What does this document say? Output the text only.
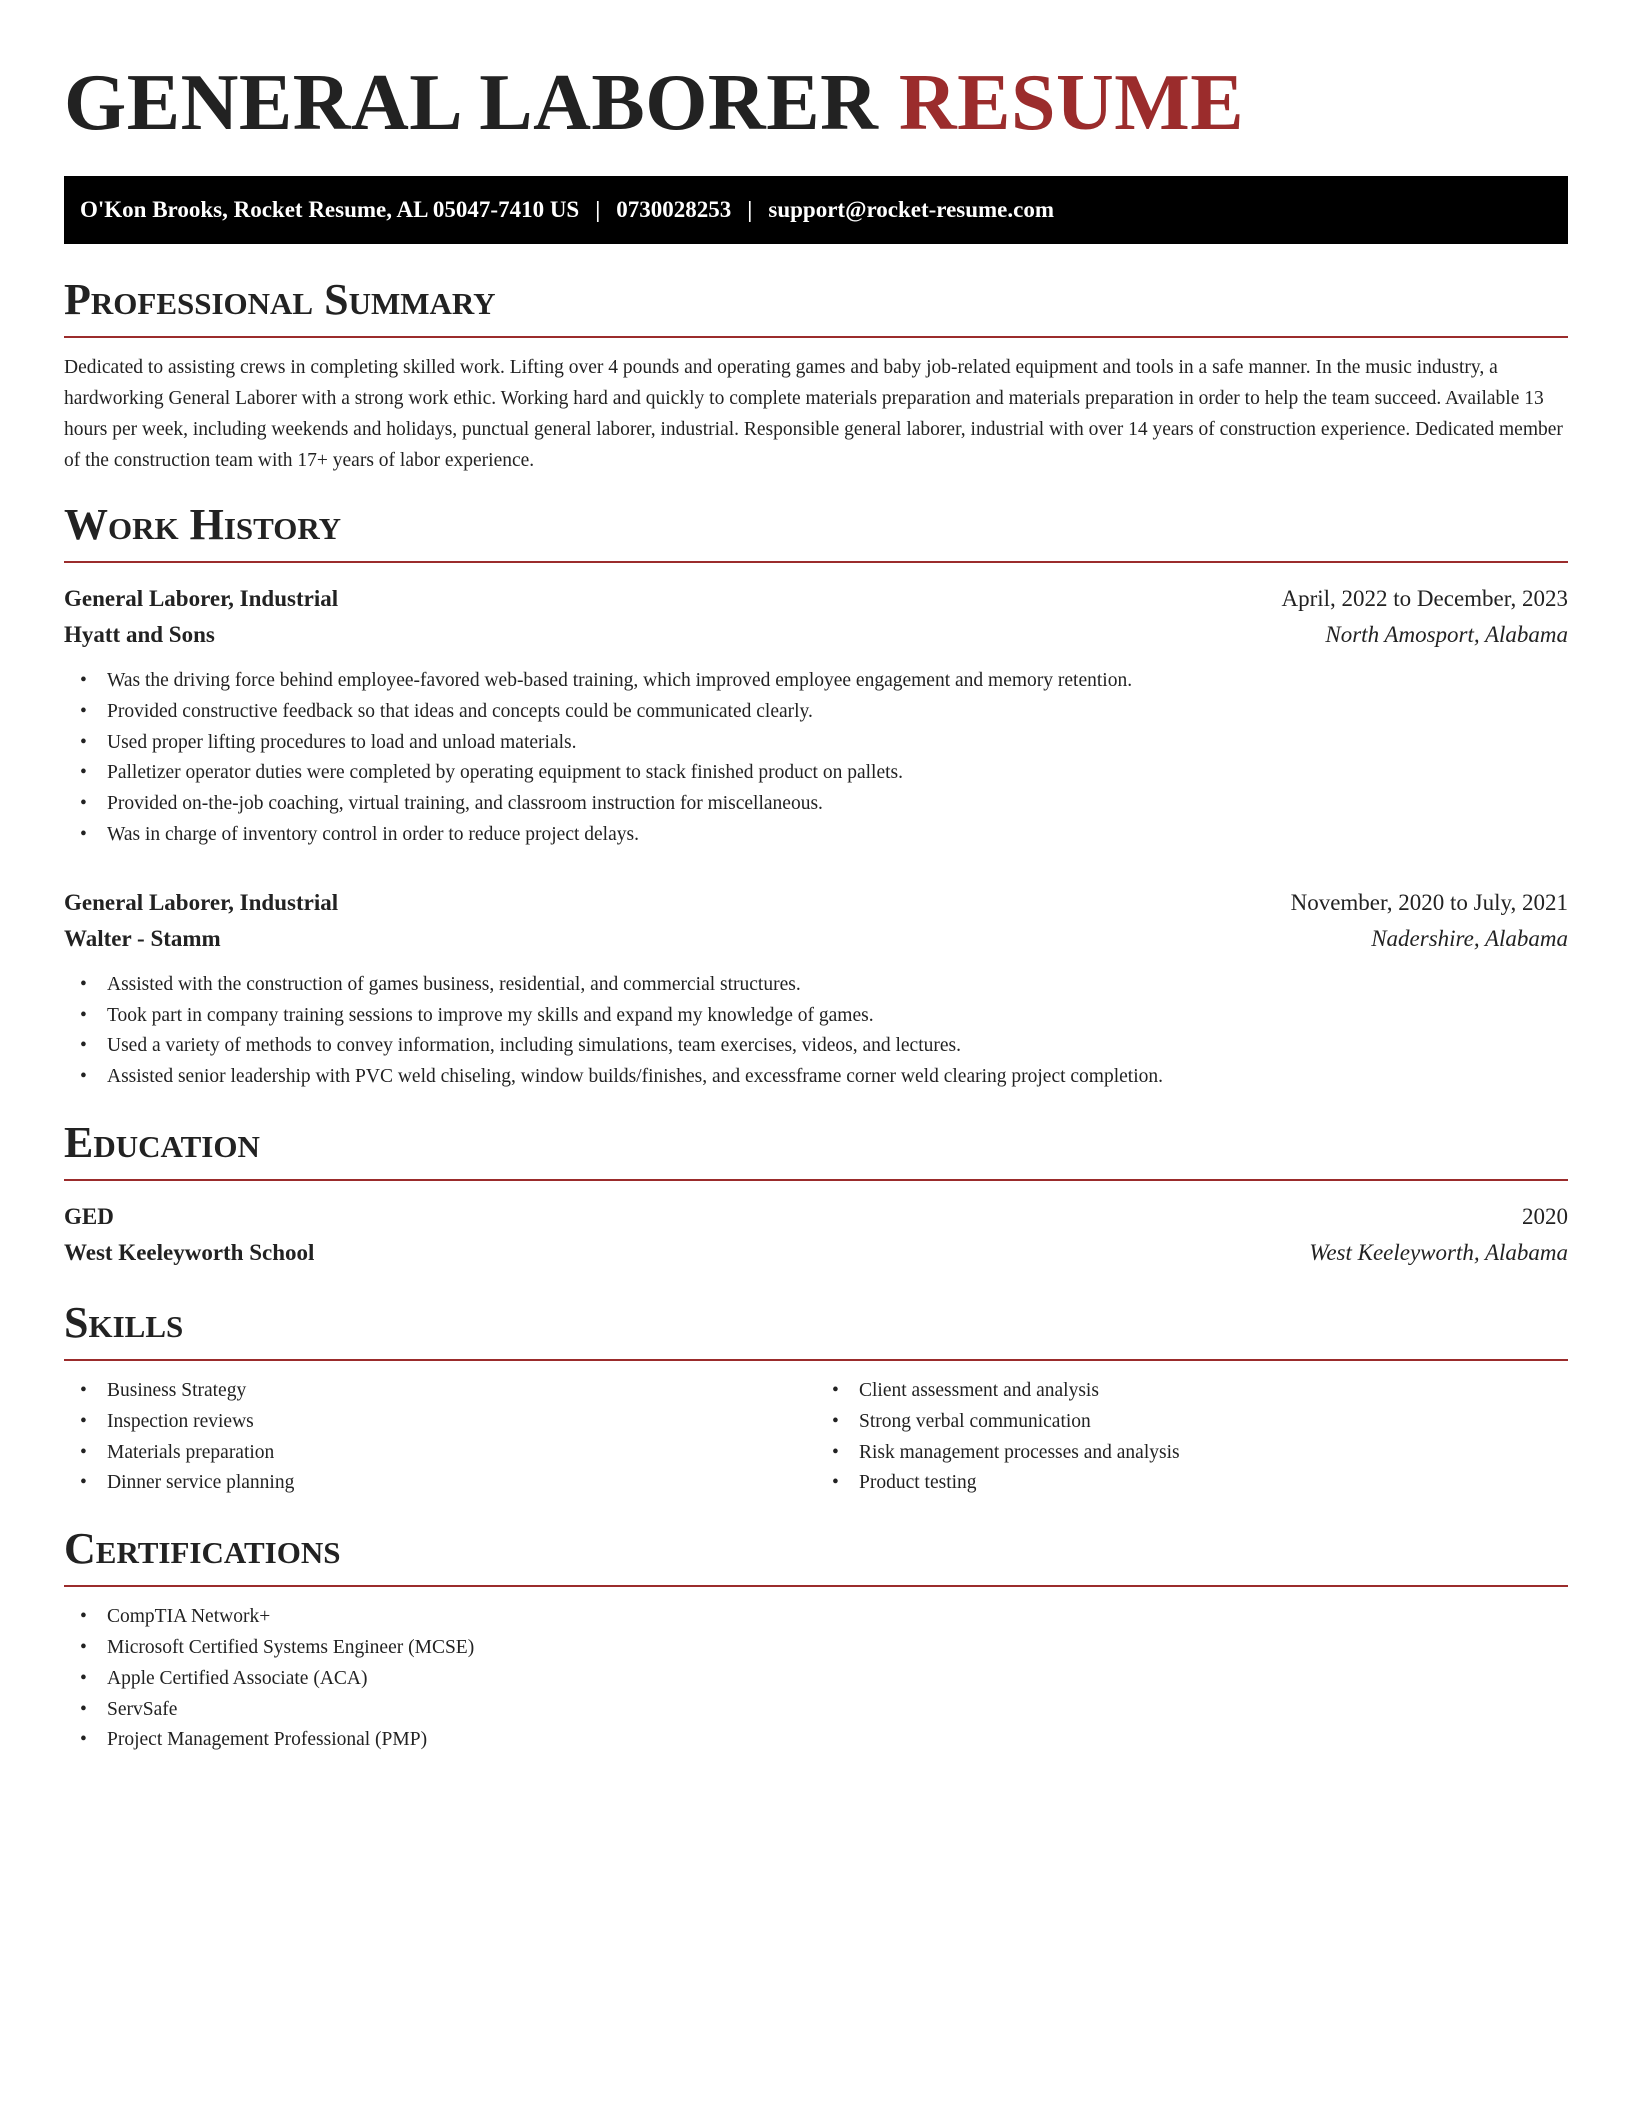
GENERAL LABORER RESUME
O'Kon Brooks, Rocket Resume, AL 05047-7410 US | 0730028253 | support@rocket-resume.com
Professional Summary

Dedicated to assisting crews in completing skilled work. Lifting over 4 pounds and operating games and baby job-related equipment and tools in a safe manner. In the music industry, a hardworking General Laborer with a strong work ethic. Working hard and quickly to complete materials preparation and materials preparation in order to help the team succeed. Available 13 hours per week, including weekends and holidays, punctual general laborer, industrial. Responsible general laborer, industrial with over 14 years of construction experience. Dedicated member of the construction team with 17+ years of labor experience.

Work History
General Laborer, Industrial	April, 2022 to December, 2023
Hyatt and Sons	North Amosport, Alabama
• Was the driving force behind employee-favored web-based training, which improved employee engagement and memory retention.
• Provided constructive feedback so that ideas and concepts could be communicated clearly.
• Used proper lifting procedures to load and unload materials.
• Palletizer operator duties were completed by operating equipment to stack finished product on pallets.
• Provided on-the-job coaching, virtual training, and classroom instruction for miscellaneous.
• Was in charge of inventory control in order to reduce project delays.
General Laborer, Industrial	November, 2020 to July, 2021
Walter - Stamm	Nadershire, Alabama
• Assisted with the construction of games business, residential, and commercial structures.
• Took part in company training sessions to improve my skills and expand my knowledge of games.
• Used a variety of methods to convey information, including simulations, team exercises, videos, and lectures.
• Assisted senior leadership with PVC weld chiseling, window builds/finishes, and excessframe corner weld clearing project completion.
Education
GED	2020
West Keeleyworth School	West Keeleyworth, Alabama
Skills
• Business Strategy
• Inspection reviews
• Materials preparation
• Dinner service planning
• Client assessment and analysis
• Strong verbal communication
• Risk management processes and analysis
• Product testing
Certifications
• CompTIA Network+
• Microsoft Certified Systems Engineer (MCSE)
• Apple Certified Associate (ACA)
• ServSafe
• Project Management Professional (PMP)
